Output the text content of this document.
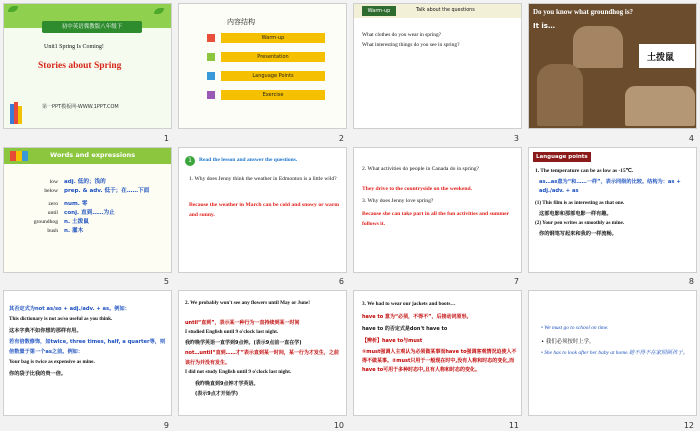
初中英语冀教版八年级下
Unit1 Spring Is Coming!
Stories about Spring
第一PPT模板网-WWW.1PPT.COM
1
内容结构
Warm-up
Presentation
Language Points
Exercise
2
Warm-up	Talk about the questions
What clothes do you wear in spring?
What interesting things do you see in spring?
3
Do you know what groundhog is?
It is…
土拨鼠
4
Words and expressions
low	adj. 低的；浅的
below	prep. & adv. 低于；在……下面
zero	num. 零
until	conj. 直到……为止
groundhog	n. 土拨鼠
bush	n. 灌木
5
1	Read the lesson and answer the questions.
1. Why does Jenny think the weather in Edmonton is a little wild?
Because the weather in March can be cold and snowy or warm and sunny.
6
2. What activities do people in Canada do in spring?
They drive to the countryside on the weekend.
3. Why does Jenny love spring?
Because she can take part in all the fun activities and summer follows it.
7
Language points
1. The temperature can be as low as -15℃.
as…as意为“和……一样”，表示同级的比较。结构为：as + adj./adv. + as
(1) This film is as interesting as that one.
这部电影和那部电影一样有趣。
(2) Your pen writes as smoothly as mine.
你的钢笔写起来和我的一样流畅。
8
其否定式为not as/so + adj./adv. + as。例如：
This dictionary is not as/so useful as you think.
这本字典不如你想的那样有用。
若有倍数修饰，如twice, three times, half, a quarter等，则倍数置于第一个as之前。例如：
Your bag is twice as expensive as mine.
你的袋子比我的贵一倍。
9
2. We probably won't see any flowers until May or June!
until“直到”，表示某一种行为一直持续到某一时间
I studied English until 9 o'clock last night.
我昨晚学英语一直学到9点钟。(表示9点前一直在学)
not…until“直到……才”表示直到某一时间，某一行为才发生，之前该行为并没有发生。
I did not study English until 9 o'clock last night.
我昨晚直到9点钟才学英语。
(表示9点才开始学)
10
3. We had to wear our jackets and boots…
have to 意为“必须，不得不”，后接动词原形。
have to 的否定式是don't have to
【辨析】have to与must
①must强调人主观认为必须做某事而have to强调客观情况迫使人不得不做某事。②must只用于一般现在时中,没有人称和时态的变化,而have to可用于多种时态中,且有人称和时态的变化。
11
• We must go to school on time.
• 我们必须按时上学。
• She has to look after her baby at home.她不得不在家照顾孩子。
12
